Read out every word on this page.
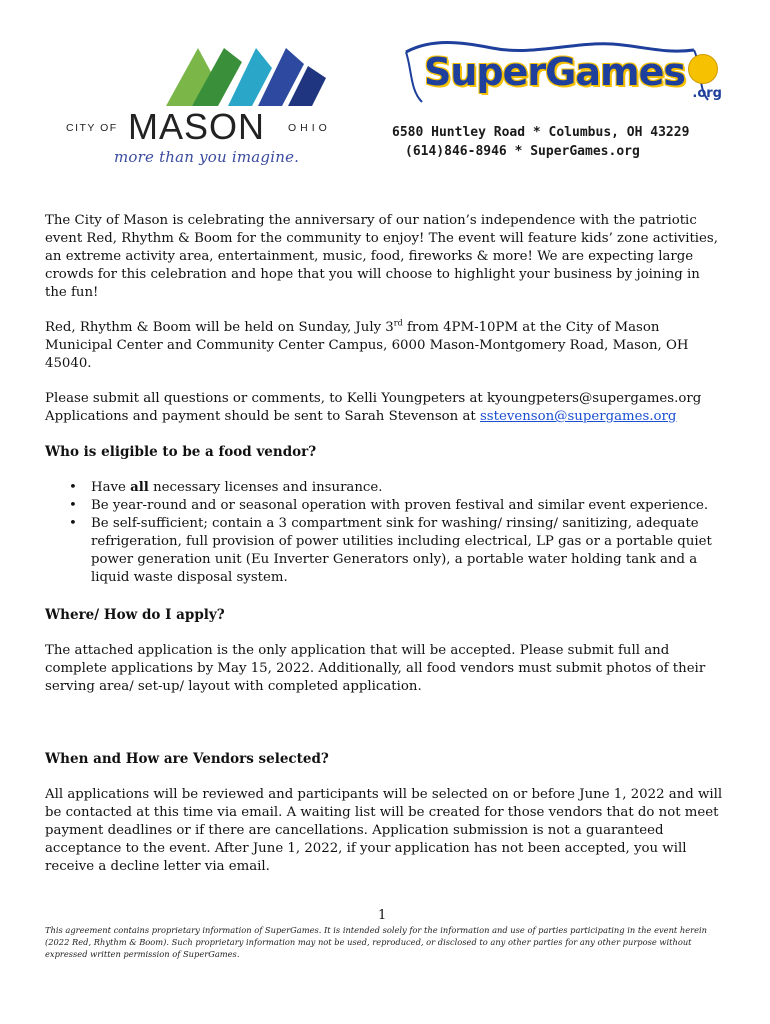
CITY OF MASON OHIO
more than you imagine.
SuperGames .org
6580 Huntley Road * Columbus, OH 43229
(614)846-8946 * SuperGames.org

The City of Mason is celebrating the anniversary of our nation’s independence with the patriotic event Red, Rhythm & Boom for the community to enjoy! The event will feature kids’ zone activities, an extreme activity area, entertainment, music, food, fireworks & more! We are expecting large crowds for this celebration and hope that you will choose to highlight your business by joining in the fun!

Red, Rhythm & Boom will be held on Sunday, July 3rd from 4PM-10PM at the City of Mason Municipal Center and Community Center Campus, 6000 Mason-Montgomery Road, Mason, OH 45040.

Please submit all questions or comments, to Kelli Youngpeters at kyoungpeters@supergames.org
Applications and payment should be sent to Sarah Stevenson at sstevenson@supergames.org

Who is eligible to be a food vendor?
• Have all necessary licenses and insurance.
• Be year-round and or seasonal operation with proven festival and similar event experience.
• Be self-sufficient; contain a 3 compartment sink for washing/ rinsing/ sanitizing, adequate refrigeration, full provision of power utilities including electrical, LP gas or a portable quiet power generation unit (Eu Inverter Generators only), a portable water holding tank and a liquid waste disposal system.
Where/ How do I apply?

The attached application is the only application that will be accepted. Please submit full and complete applications by May 15, 2022. Additionally, all food vendors must submit photos of their serving area/ set-up/ layout with completed application.

When and How are Vendors selected?

All applications will be reviewed and participants will be selected on or before June 1, 2022 and will be contacted at this time via email. A waiting list will be created for those vendors that do not meet payment deadlines or if there are cancellations. Application submission is not a guaranteed acceptance to the event. After June 1, 2022, if your application has not been accepted, you will receive a decline letter via email.

1
This agreement contains proprietary information of SuperGames. It is intended solely for the information and use of parties participating in the event herein (2022 Red, Rhythm & Boom). Such proprietary information may not be used, reproduced, or disclosed to any other parties for any other purpose without expressed written permission of SuperGames.
